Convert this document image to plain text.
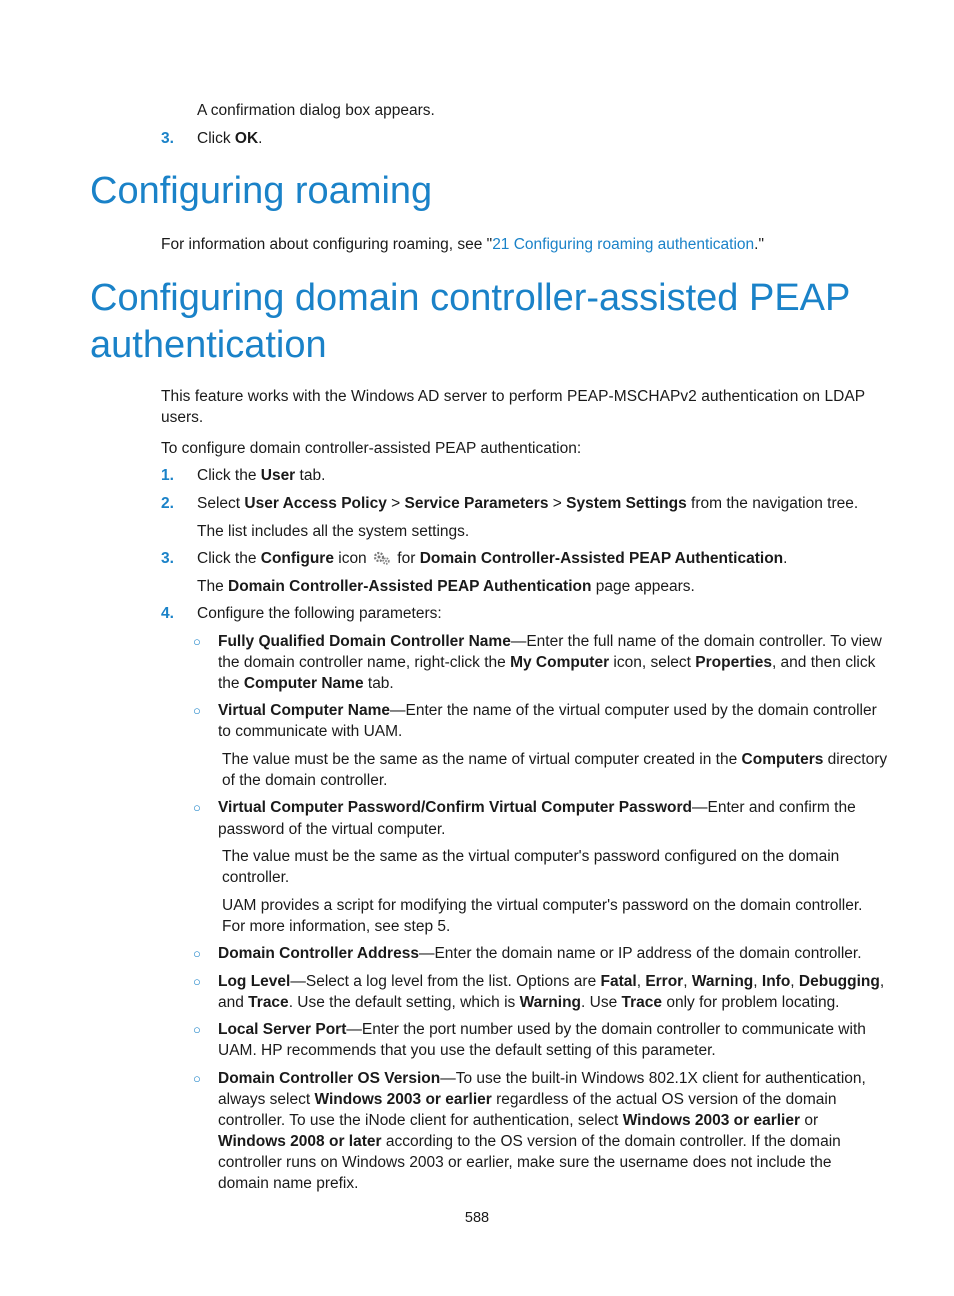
A confirmation dialog box appears.
3. Click OK.
Configuring roaming
For information about configuring roaming, see "21 Configuring roaming authentication."
Configuring domain controller-assisted PEAP
authentication
This feature works with the Windows AD server to perform PEAP-MSCHAPv2 authentication on LDAP
users.
To configure domain controller-assisted PEAP authentication:
1. Click the User tab.
2. Select User Access Policy > Service Parameters > System Settings from the navigation tree.
The list includes all the system settings.
3. Click the Configure icon  for Domain Controller-Assisted PEAP Authentication.
The Domain Controller-Assisted PEAP Authentication page appears.
4. Configure the following parameters:
○ Fully Qualified Domain Controller Name—Enter the full name of the domain controller. To view
the domain controller name, right-click the My Computer icon, select Properties, and then click
the Computer Name tab.
○ Virtual Computer Name—Enter the name of the virtual computer used by the domain controller
to communicate with UAM.
The value must be the same as the name of virtual computer created in the Computers directory
of the domain controller.
○ Virtual Computer Password/Confirm Virtual Computer Password—Enter and confirm the
password of the virtual computer.
The value must be the same as the virtual computer's password configured on the domain
controller.
UAM provides a script for modifying the virtual computer's password on the domain controller.
For more information, see step 5.
○ Domain Controller Address—Enter the domain name or IP address of the domain controller.
○ Log Level—Select a log level from the list. Options are Fatal, Error, Warning, Info, Debugging,
and Trace. Use the default setting, which is Warning. Use Trace only for problem locating.
○ Local Server Port—Enter the port number used by the domain controller to communicate with
UAM. HP recommends that you use the default setting of this parameter.
○ Domain Controller OS Version—To use the built-in Windows 802.1X client for authentication,
always select Windows 2003 or earlier regardless of the actual OS version of the domain
controller. To use the iNode client for authentication, select Windows 2003 or earlier or
Windows 2008 or later according to the OS version of the domain controller. If the domain
controller runs on Windows 2003 or earlier, make sure the username does not include the
domain name prefix.
588
